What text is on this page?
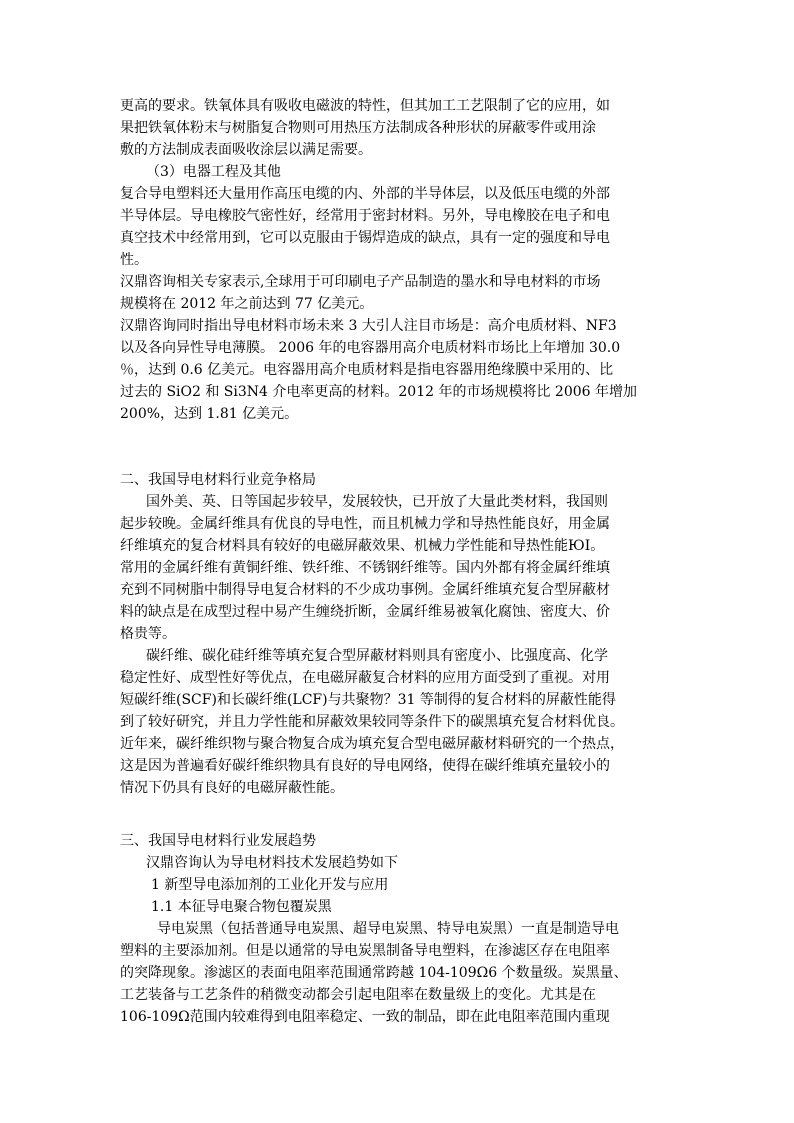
更高的要求。铁氧体具有吸收电磁波的特性，但其加工工艺限制了它的应用，如
果把铁氧体粉末与树脂复合物则可用热压方法制成各种形状的屏蔽零件或用涂
敷的方法制成表面吸收涂层以满足需要。
（3）电器工程及其他
复合导电塑料还大量用作高压电缆的内、外部的半导体层，以及低压电缆的外部
半导体层。导电橡胶气密性好，经常用于密封材料。另外，导电橡胶在电子和电
真空技术中经常用到，它可以克服由于锡焊造成的缺点，具有一定的强度和导电
性。
汉鼎咨询相关专家表示,全球用于可印刷电子产品制造的墨水和导电材料的市场
规模将在 2012 年之前达到 77 亿美元。
汉鼎咨询同时指出导电材料市场未来 3 大引人注目市场是：高介电质材料、NF3
以及各向异性导电薄膜。 2006 年的电容器用高介电质材料市场比上年增加 30.0
％，达到 0.6 亿美元。电容器用高介电质材料是指电容器用绝缘膜中采用的、比
过去的 SiO2 和 Si3N4 介电率更高的材料。2012 年的市场规模将比 2006 年增加
200%，达到 1.81 亿美元。
二、我国导电材料行业竞争格局
国外美、英、日等国起步较早，发展较快，已开放了大量此类材料，我国则
起步较晚。金属纤维具有优良的导电性，而且机械力学和导热性能良好，用金属
纤维填充的复合材料具有较好的电磁屏蔽效果、机械力学性能和导热性能ЮI。
常用的金属纤维有黄铜纤维、铁纤维、不锈钢纤维等。国内外都有将金属纤维填
充到不同树脂中制得导电复合材料的不少成功事例。金属纤维填充复合型屏蔽材
料的缺点是在成型过程中易产生缠绕折断，金属纤维易被氧化腐蚀、密度大、价
格贵等。
碳纤维、碳化硅纤维等填充复合型屏蔽材料则具有密度小、比强度高、化学
稳定性好、成型性好等优点，在电磁屏蔽复合材料的应用方面受到了重视。对用
短碳纤维(SCF)和长碳纤维(LCF)与共聚物？31 等制得的复合材料的屏蔽性能得
到了较好研究，并且力学性能和屏蔽效果较同等条件下的碳黑填充复合材料优良。
近年来，碳纤维织物与聚合物复合成为填充复合型电磁屏蔽材料研究的一个热点，
这是因为普遍看好碳纤维织物具有良好的导电网络，使得在碳纤维填充量较小的
情况下仍具有良好的电磁屏蔽性能。
三、我国导电材料行业发展趋势
汉鼎咨询认为导电材料技术发展趋势如下
1 新型导电添加剂的工业化开发与应用
1.1 本征导电聚合物包覆炭黑
导电炭黑（包括普通导电炭黑、超导电炭黑、特导电炭黑）一直是制造导电
塑料的主要添加剂。但是以通常的导电炭黑制备导电塑料，在渗滤区存在电阻率
的突降现象。渗滤区的表面电阻率范围通常跨越 104-109Ω6 个数量级。炭黑量、
工艺装备与工艺条件的稍微变动都会引起电阻率在数量级上的变化。尤其是在
106-109Ω范围内较难得到电阻率稳定、一致的制品，即在此电阻率范围内重现
